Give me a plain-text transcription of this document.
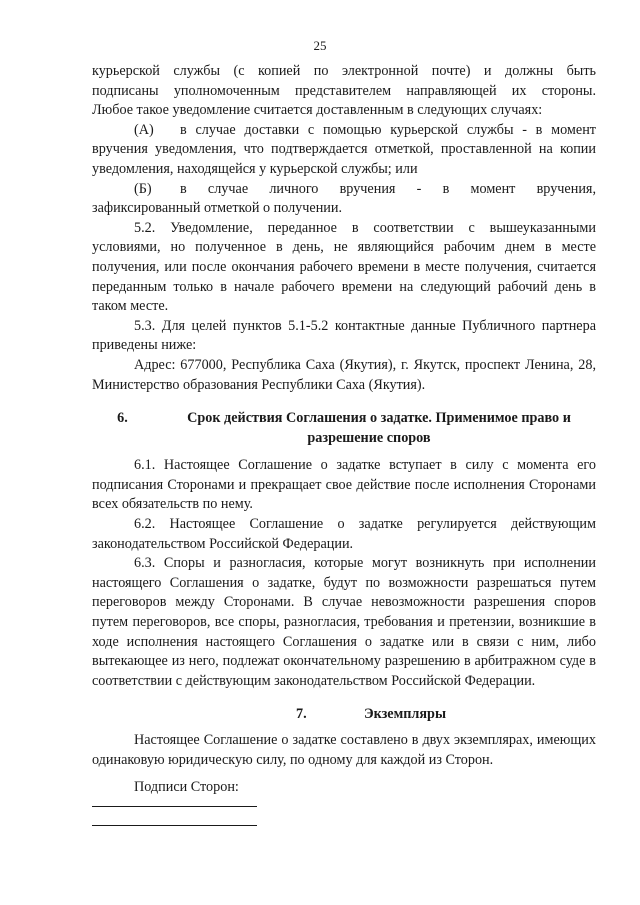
25

курьерской службы (с копией по электронной почте) и должны быть

подписаны уполномоченным представителем направляющей их стороны.

Любое такое уведомление считается доставленным в следующих случаях:

(А) в случае доставки с помощью курьерской службы - в момент

вручения уведомления, что подтверждается отметкой, проставленной на копии уведомления, находящейся у курьерской службы; или

(Б) в случае личного вручения - в момент вручения,

зафиксированный отметкой о получении.

5.2. Уведомление, переданное в соответствии с вышеуказанными условиями, но полученное в день, не являющийся рабочим днем в месте получения, или после окончания рабочего времени в месте получения, считается переданным только в начале рабочего времени на следующий рабочий день в таком месте.

5.3. Для целей пунктов 5.1-5.2 контактные данные Публичного партнера приведены ниже:

Адрес: 677000, Республика Саха (Якутия), г. Якутск, проспект Ленина, 28, Министерство образования Республики Саха (Якутия).

6.	Срок действия Соглашения о задатке. Применимое право и
разрешение споров

6.1. Настоящее Соглашение о задатке вступает в силу с момента его подписания Сторонами и прекращает свое действие после исполнения Сторонами всех обязательств по нему.

6.2. Настоящее Соглашение о задатке регулируется действующим законодательством Российской Федерации.

6.3. Споры и разногласия, которые могут возникнуть при исполнении настоящего Соглашения о задатке, будут по возможности разрешаться путем переговоров между Сторонами. В случае невозможности разрешения споров путем переговоров, все споры, разногласия, требования и претензии, возникшие в ходе исполнения настоящего Соглашения о задатке или в связи с ним, либо вытекающее из него, подлежат окончательному разрешению в арбитражном суде в соответствии с действующим законодательством Российской Федерации.

7.	Экземпляры

Настоящее Соглашение о задатке составлено в двух экземплярах, имеющих одинаковую юридическую силу, по одному для каждой из Сторон.

Подписи Сторон:
